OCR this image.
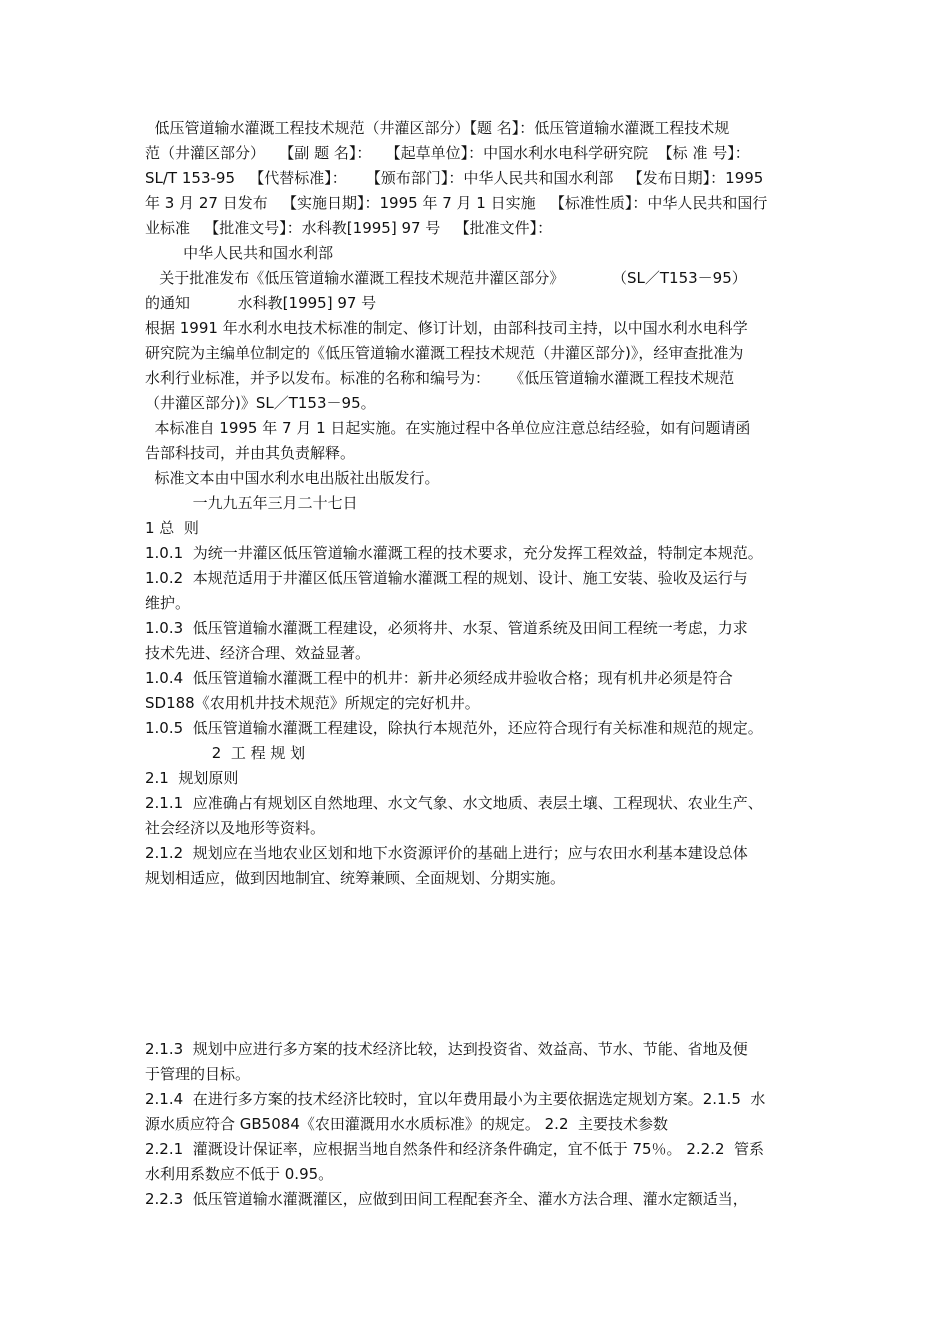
低压管道输水灌溉工程技术规范（井灌区部分）【题 名】：低压管道输水灌溉工程技术规
范（井灌区部分）   【副 题 名】：   【起草单位】：中国水利水电科学研究院  【标 准 号】：
SL/T 153-95   【代替标准】：    【颁布部门】：中华人民共和国水利部   【发布日期】：1995
年 3 月 27 日发布   【实施日期】：1995 年 7 月 1 日实施   【标准性质】：中华人民共和国行
业标准   【批准文号】：水科教[1995] 97 号   【批准文件】：
中华人民共和国水利部
关于批准发布《低压管道输水灌溉工程技术规范井灌区部分》          （SL／T153－95）
的通知          水科教[1995] 97 号
根据 1991 年水利水电技术标准的制定、修订计划，由部科技司主持，以中国水利水电科学
研究院为主编单位制定的《低压管道输水灌溉工程技术规范（井灌区部分)》，经审查批准为
水利行业标准，并予以发布。标准的名称和编号为：    《低压管道输水灌溉工程技术规范
（井灌区部分)》SL／T153－95。
本标准自 1995 年 7 月 1 日起实施。在实施过程中各单位应注意总结经验，如有问题请函
告部科技司，并由其负责解释。
标准文本由中国水利水电出版社出版发行。
一九九五年三月二十七日
1 总  则
1.0.1  为统一井灌区低压管道输水灌溉工程的技术要求，充分发挥工程效益，特制定本规范。
1.0.2  本规范适用于井灌区低压管道输水灌溉工程的规划、设计、施工安装、验收及运行与
维护。
1.0.3  低压管道输水灌溉工程建设，必须将井、水泵、管道系统及田间工程统一考虑，力求
技术先进、经济合理、效益显著。
1.0.4  低压管道输水灌溉工程中的机井：新井必须经成井验收合格；现有机井必须是符合
SD188《农用机井技术规范》所规定的完好机井。
1.0.5  低压管道输水灌溉工程建设，除执行本规范外，还应符合现行有关标准和规范的规定。
2  工 程 规 划
2.1  规划原则
2.1.1  应准确占有规划区自然地理、水文气象、水文地质、表层土壤、工程现状、农业生产、
社会经济以及地形等资料。
2.1.2  规划应在当地农业区划和地下水资源评价的基础上进行；应与农田水利基本建设总体
规划相适应，做到因地制宜、统筹兼顾、全面规划、分期实施。
2.1.3  规划中应进行多方案的技术经济比较，达到投资省、效益高、节水、节能、省地及便
于管理的目标。
2.1.4  在进行多方案的技术经济比较时，宜以年费用最小为主要依据选定规划方案。2.1.5  水
源水质应符合 GB5084《农田灌溉用水水质标准》的规定。 2.2  主要技术参数
2.2.1  灌溉设计保证率，应根据当地自然条件和经济条件确定，宜不低于 75％。 2.2.2  管系
水利用系数应不低于 0.95。
2.2.3  低压管道输水灌溉灌区，应做到田间工程配套齐全、灌水方法合理、灌水定额适当，
